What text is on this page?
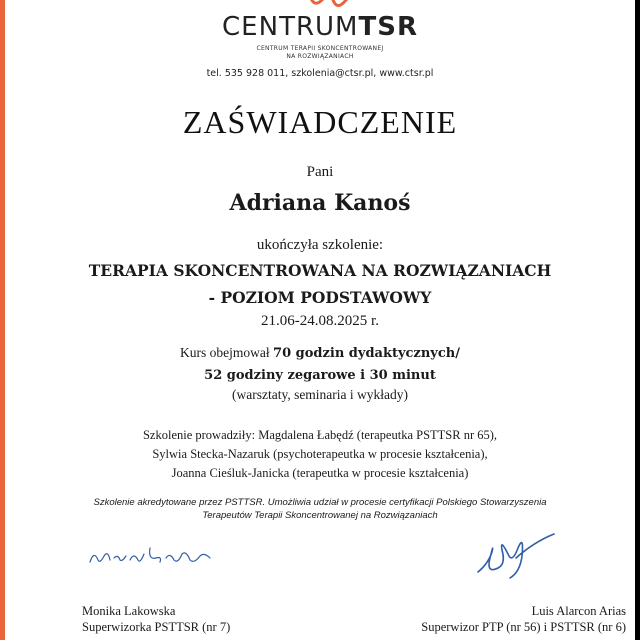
CENTRUMTSR
CENTRUM TERAPII SKONCENTROWANEJ
NA ROZWIĄZANIACH
tel. 535 928 011, szkolenia@ctsr.pl, www.ctsr.pl
ZAŚWIADCZENIE
Pani
Adriana Kanoś
ukończyła szkolenie:
TERAPIA SKONCENTROWANA NA ROZWIĄZANIACH
- POZIOM PODSTAWOWY
21.06-24.08.2025 r.
Kurs obejmował 70 godzin dydaktycznych/
52 godziny zegarowe i 30 minut
(warsztaty, seminaria i wykłady)
Szkolenie prowadziły: Magdalena Łabędź (terapeutka PSTTSR nr 65),
Sylwia Stecka-Nazaruk (psychoterapeutka w procesie kształcenia),
Joanna Cieśluk-Janicka (terapeutka w procesie kształcenia)
Szkolenie akredytowane przez PSTTSR. Umożliwia udział w procesie certyfikacji Polskiego Stowarzyszenia
Terapeutów Terapii Skoncentrowanej na Rozwiązaniach
Monika Lakowska
Superwizorka PSTTSR (nr 7)
Luis Alarcon Arias
Superwizor PTP (nr 56) i PSTTSR (nr 6)
